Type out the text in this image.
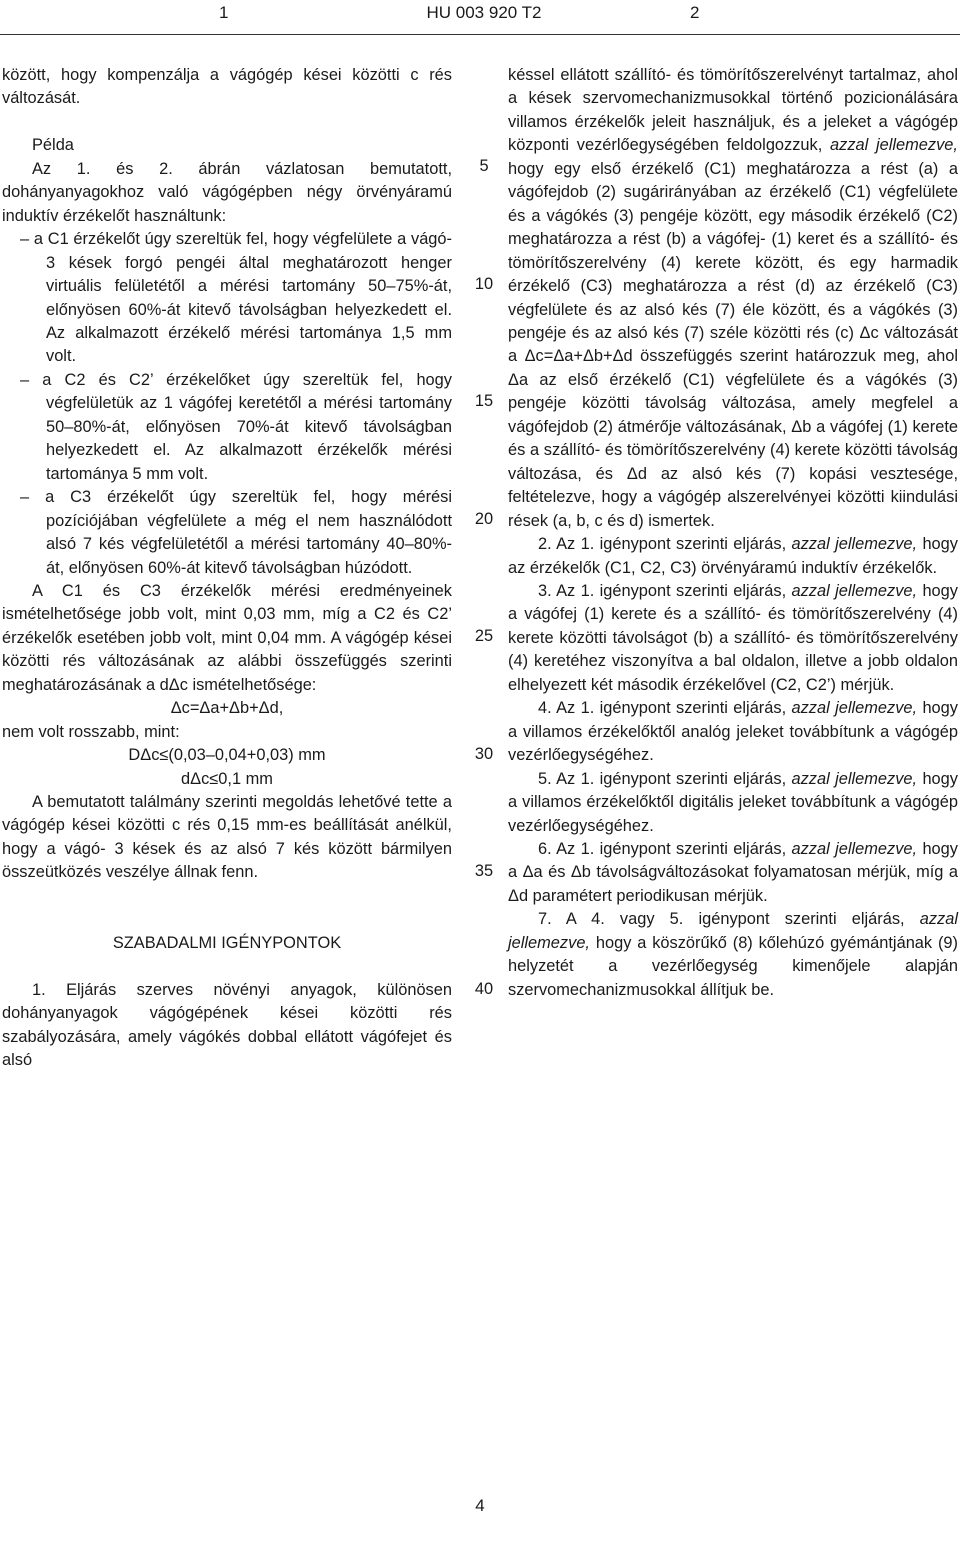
1	HU 003 920 T2	2

között, hogy kompenzálja a vágógép kései közötti c rés változását.

Példa

Az 1. és 2. ábrán vázlatosan bemutatott, dohányanyagokhoz való vágógépben négy örvényáramú induktív érzékelőt használtunk:

– a C1 érzékelőt úgy szereltük fel, hogy végfelülete a vágó- 3 kések forgó pengéi által meghatározott henger virtuális felületétől a mérési tartomány 50–75%-át, előnyösen 60%-át kitevő távolságban helyezkedett el. Az alkalmazott érzékelő mérési tartománya 1,5 mm volt.

– a C2 és C2’ érzékelőket úgy szereltük fel, hogy végfelületük az 1 vágófej keretétől a mérési tartomány 50–80%-át, előnyösen 70%-át kitevő távolságban helyezkedett el. Az alkalmazott érzékelők mérési tartománya 5 mm volt.

– a C3 érzékelőt úgy szereltük fel, hogy mérési pozíciójában végfelülete a még el nem használódott alsó 7 kés végfelületétől a mérési tartomány 40–80%-át, előnyösen 60%-át kitevő távolságban húzódott.

A C1 és C3 érzékelők mérési eredményeinek ismételhetősége jobb volt, mint 0,03 mm, míg a C2 és C2’ érzékelők esetében jobb volt, mint 0,04 mm. A vágógép kései közötti rés változásának az alábbi összefüggés szerinti meghatározásának a dΔc ismételhetősége:

Δc=Δa+Δb+Δd,

nem volt rosszabb, mint:

DΔc≤(0,03–0,04+0,03) mm

dΔc≤0,1 mm

A bemutatott találmány szerinti megoldás lehetővé tette a vágógép kései közötti c rés 0,15 mm-es beállítását anélkül, hogy a vágó- 3 kések és az alsó 7 kés között bármilyen összeütközés veszélye állnak fenn.

SZABADALMI IGÉNYPONTOK

1. Eljárás szerves növényi anyagok, különösen dohányanyagok vágógépének kései közötti rés szabályozására, amely vágókés dobbal ellátott vágófejet és alsó

késsel ellátott szállító- és tömörítőszerelvényt tartalmaz, ahol a kések szervomechanizmusokkal történő pozicionálására villamos érzékelők jeleit használjuk, és a jeleket a vágógép központi vezérlőegységében feldolgozzuk, azzal jellemezve, hogy egy első érzékelő (C1) meghatározza a rést (a) a vágófejdob (2) sugárirányában az érzékelő (C1) végfelülete és a vágókés (3) pengéje között, egy második érzékelő (C2) meghatározza a rést (b) a vágófej- (1) keret és a szállító- és tömörítőszerelvény (4) kerete között, és egy harmadik érzékelő (C3) meghatározza a rést (d) az érzékelő (C3) végfelülete és az alsó kés (7) éle között, és a vágókés (3) pengéje és az alsó kés (7) széle közötti rés (c) Δc változását a Δc=Δa+Δb+Δd összefüggés szerint határozzuk meg, ahol Δa az első érzékelő (C1) végfelülete és a vágókés (3) pengéje közötti távolság változása, amely megfelel a vágófejdob (2) átmérője változásának, Δb a vágófej (1) kerete és a szállító- és tömörítőszerelvény (4) kerete közötti távolság változása, és Δd az alsó kés (7) kopási vesztesége, feltételezve, hogy a vágógép alszerelvényei közötti kiindulási rések (a, b, c és d) ismertek.

2. Az 1. igénypont szerinti eljárás, azzal jellemezve, hogy az érzékelők (C1, C2, C3) örvényáramú induktív érzékelők.

3. Az 1. igénypont szerinti eljárás, azzal jellemezve, hogy a vágófej (1) kerete és a szállító- és tömörítőszerelvény (4) kerete közötti távolságot (b) a szállító- és tömörítőszerelvény (4) keretéhez viszonyítva a bal oldalon, illetve a jobb oldalon elhelyezett két második érzékelővel (C2, C2’) mérjük.

4. Az 1. igénypont szerinti eljárás, azzal jellemezve, hogy a villamos érzékelőktől analóg jeleket továbbítunk a vágógép vezérlőegységéhez.

5. Az 1. igénypont szerinti eljárás, azzal jellemezve, hogy a villamos érzékelőktől digitális jeleket továbbítunk a vágógép vezérlőegységéhez.

6. Az 1. igénypont szerinti eljárás, azzal jellemezve, hogy a Δa és Δb távolságváltozásokat folyamatosan mérjük, míg a Δd paramétert periodikusan mérjük.

7. A 4. vagy 5. igénypont szerinti eljárás, azzal jellemezve, hogy a köszörűkő (8) kőlehúzó gyémántjának (9) helyzetét a vezérlőegység kimenőjele alapján szervomechanizmusokkal állítjuk be.

5
10
15
20
25
30
35
40
4
